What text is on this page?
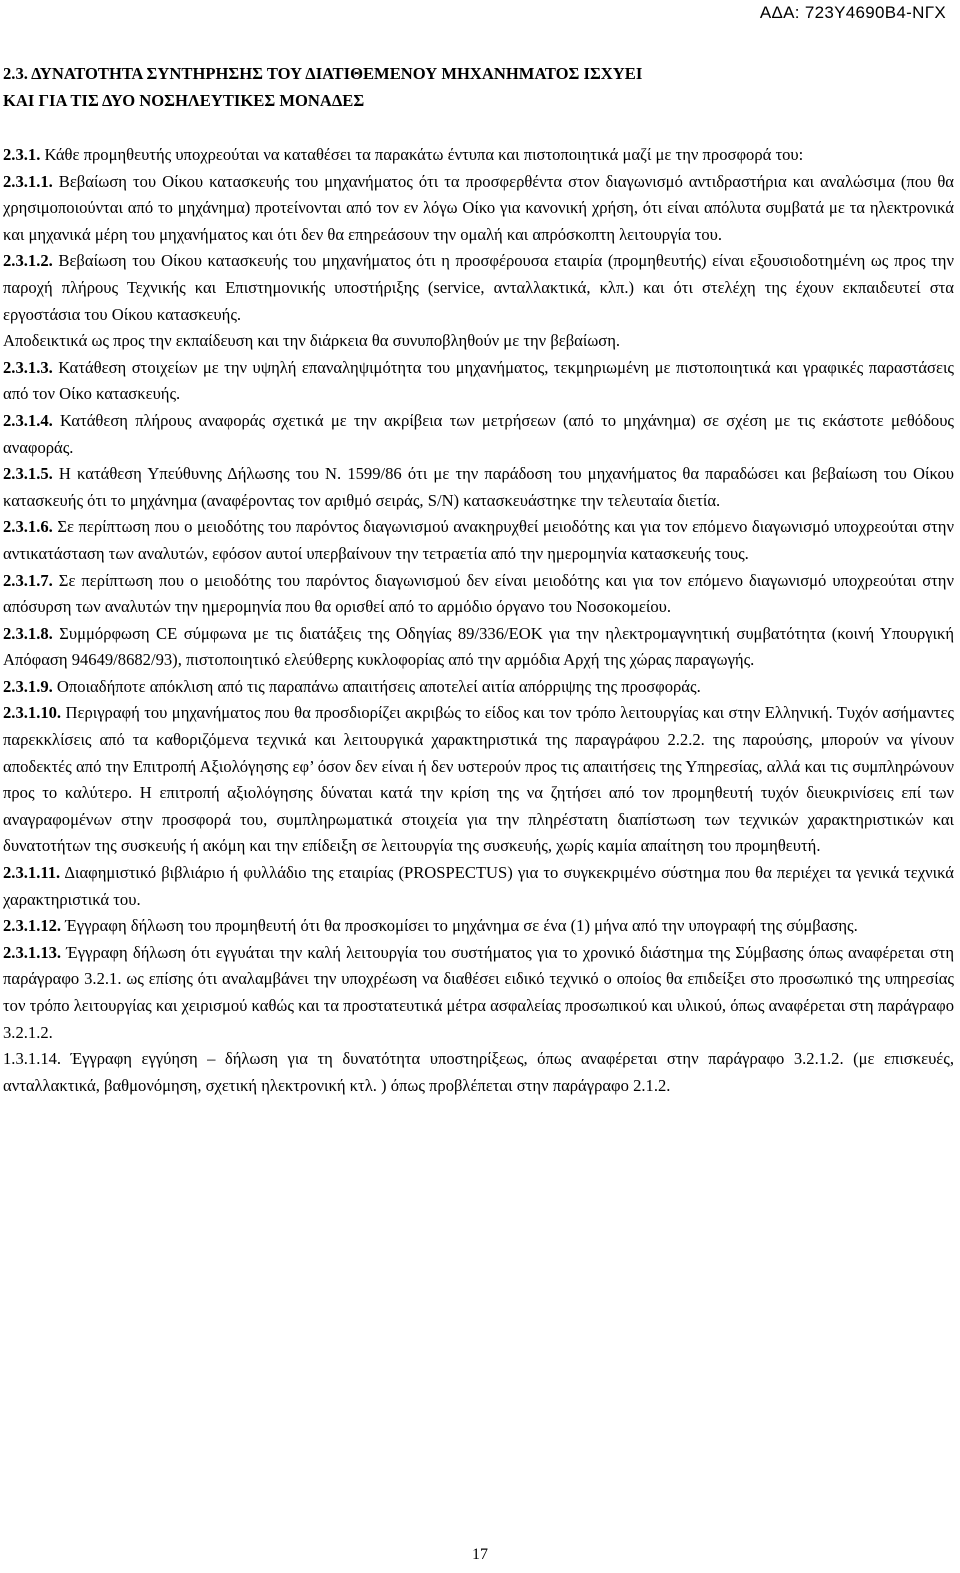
ΑΔΑ: 723Υ4690Β4-ΝΓΧ
2.3. ΔΥΝΑΤΟΤΗΤΑ ΣΥΝΤΗΡΗΣΗΣ ΤΟΥ ΔΙΑΤΙΘΕΜΕΝΟΥ ΜΗΧΑΝΗΜΑΤΟΣ ΙΣΧΥΕΙ
ΚΑΙ ΓΙΑ ΤΙΣ ΔΥΟ ΝΟΣΗΛΕΥΤΙΚΕΣ ΜΟΝΑΔΕΣ

2.3.1. Κάθε προμηθευτής υποχρεούται να καταθέσει τα παρακάτω έντυπα και πιστοποιητικά μαζί με την προσφορά του:

2.3.1.1. Βεβαίωση του Οίκου κατασκευής του μηχανήματος ότι τα προσφερθέντα στον διαγωνισμό αντιδραστήρια και αναλώσιμα (που θα χρησιμοποιούνται από το μηχάνημα) προτείνονται από τον εν λόγω Οίκο για κανονική χρήση, ότι είναι απόλυτα συμβατά με τα ηλεκτρονικά και μηχανικά μέρη του μηχανήματος και ότι δεν θα επηρεάσουν την ομαλή και απρόσκοπτη λειτουργία του.

2.3.1.2. Βεβαίωση του Οίκου κατασκευής του μηχανήματος ότι η προσφέρουσα εταιρία (προμηθευτής) είναι εξουσιοδοτημένη ως προς την παροχή πλήρους Τεχνικής και Επιστημονικής υποστήριξης (service, ανταλλακτικά, κλπ.) και ότι στελέχη της έχουν εκπαιδευτεί στα εργοστάσια του Οίκου κατασκευής.

Αποδεικτικά ως προς την εκπαίδευση και την διάρκεια θα συνυποβληθούν με την βεβαίωση.

2.3.1.3. Κατάθεση στοιχείων με την υψηλή επαναληψιμότητα του μηχανήματος, τεκμηριωμένη με πιστοποιητικά και γραφικές παραστάσεις από τον Οίκο κατασκευής.

2.3.1.4. Κατάθεση πλήρους αναφοράς σχετικά με την ακρίβεια των μετρήσεων (από το μηχάνημα) σε σχέση με τις εκάστοτε μεθόδους αναφοράς.

2.3.1.5. Η κατάθεση Υπεύθυνης Δήλωσης του Ν. 1599/86 ότι με την παράδοση του μηχανήματος θα παραδώσει και βεβαίωση του Οίκου κατασκευής ότι το μηχάνημα (αναφέροντας τον αριθμό σειράς, S/N) κατασκευάστηκε την τελευταία διετία.

2.3.1.6. Σε περίπτωση που ο μειοδότης του παρόντος διαγωνισμού ανακηρυχθεί μειοδότης και για τον επόμενο διαγωνισμό υποχρεούται στην αντικατάσταση των αναλυτών, εφόσον αυτοί υπερβαίνουν την τετραετία από την ημερομηνία κατασκευής τους.

2.3.1.7. Σε περίπτωση που ο μειοδότης του παρόντος διαγωνισμού δεν είναι μειοδότης και για τον επόμενο διαγωνισμό υποχρεούται στην απόσυρση των αναλυτών την ημερομηνία που θα ορισθεί από το αρμόδιο όργανο του Νοσοκομείου.

2.3.1.8. Συμμόρφωση CE σύμφωνα με τις διατάξεις της Οδηγίας 89/336/ΕΟΚ για την ηλεκτρομαγνητική συμβατότητα (κοινή Υπουργική Απόφαση 94649/8682/93), πιστοποιητικό ελεύθερης κυκλοφορίας από την αρμόδια Αρχή της χώρας παραγωγής.

2.3.1.9. Οποιαδήποτε απόκλιση από τις παραπάνω απαιτήσεις αποτελεί αιτία απόρριψης της προσφοράς.

2.3.1.10. Περιγραφή του μηχανήματος που θα προσδιορίζει ακριβώς το είδος και τον τρόπο λειτουργίας και στην Ελληνική. Τυχόν ασήμαντες παρεκκλίσεις από τα καθοριζόμενα τεχνικά και λειτουργικά χαρακτηριστικά της παραγράφου 2.2.2. της παρούσης, μπορούν να γίνουν αποδεκτές από την Επιτροπή Αξιολόγησης εφ’ όσον δεν είναι ή δεν υστερούν προς τις απαιτήσεις της Υπηρεσίας, αλλά και τις συμπληρώνουν προς το καλύτερο. Η επιτροπή αξιολόγησης δύναται κατά την κρίση της να ζητήσει από τον προμηθευτή τυχόν διευκρινίσεις επί των αναγραφομένων στην προσφορά του, συμπληρωματικά στοιχεία για την πληρέστατη διαπίστωση των τεχνικών χαρακτηριστικών και δυνατοτήτων της συσκευής ή ακόμη και την επίδειξη σε λειτουργία της συσκευής, χωρίς καμία απαίτηση του προμηθευτή.

2.3.1.11. Διαφημιστικό βιβλιάριο ή φυλλάδιο της εταιρίας (PROSPECTUS) για το συγκεκριμένο σύστημα που θα περιέχει τα γενικά τεχνικά χαρακτηριστικά του.

2.3.1.12. Έγγραφη δήλωση του προμηθευτή ότι θα προσκομίσει το μηχάνημα σε ένα (1) μήνα από την υπογραφή της σύμβασης.

2.3.1.13. Έγγραφη δήλωση ότι εγγυάται την καλή λειτουργία του συστήματος για το χρονικό διάστημα της Σύμβασης όπως αναφέρεται στη παράγραφο 3.2.1. ως επίσης ότι αναλαμβάνει την υποχρέωση να διαθέσει ειδικό τεχνικό ο οποίος θα επιδείξει στο προσωπικό της υπηρεσίας τον τρόπο λειτουργίας και χειρισμού καθώς και τα προστατευτικά μέτρα ασφαλείας προσωπικού και υλικού, όπως αναφέρεται στη παράγραφο 3.2.1.2.

1.3.1.14. Έγγραφη εγγύηση – δήλωση για τη δυνατότητα υποστηρίξεως, όπως αναφέρεται στην παράγραφο 3.2.1.2. (με επισκευές, ανταλλακτικά, βαθμονόμηση, σχετική ηλεκτρονική κτλ. ) όπως προβλέπεται στην παράγραφο 2.1.2.

17
